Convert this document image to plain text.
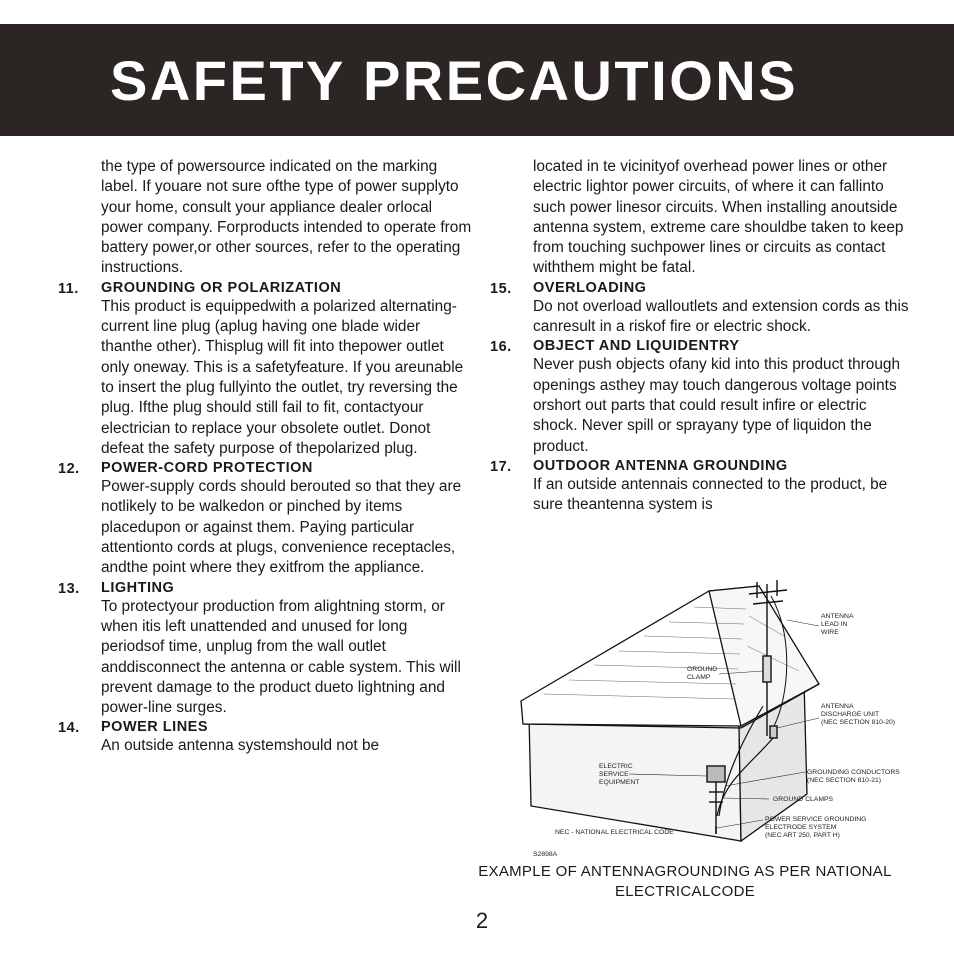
SAFETY PRECAUTIONS

the type of powersource indicated on the marking label. If youare not sure ofthe type of power supplyto your home, consult your appliance dealer orlocal power company. Forproducts intended to operate from battery power,or other sources, refer to the operating instructions.

11.	GROUNDING OR POLARIZATION
This product is equippedwith a polarized alternating-current line plug (aplug having one blade wider thanthe other). Thisplug will fit into thepower outlet only oneway. This is a safetyfeature. If you areunable to insert the plug fullyinto the outlet, try reversing the plug. Ifthe plug should still fail to fit, contactyour electrician to replace your obsolete outlet. Donot defeat the safety purpose of thepolarized plug.
12.	POWER-CORD PROTECTION
Power-supply cords should berouted so that they are notlikely to be walkedon or pinched by items placedupon or against them. Paying particular attentionto cords at plugs, convenience receptacles, andthe point where they exitfrom the appliance.
13.	LIGHTING
To protectyour production from alightning storm, or when itis left unattended and unused for long periodsof time, unplug from the wall outlet anddisconnect the antenna or cable system. This will prevent damage to the product dueto lightning and power-line surges.
14.	POWER LINES
An outside antenna systemshould not be

located in te vicinityof overhead power lines or other electric lightor power circuits, of where it can fallinto such power linesor circuits. When installing anoutside antenna system, extreme care shouldbe taken to keep from touching suchpower lines or circuits as contact withthem might be fatal.

15.	OVERLOADING
Do not overload walloutlets and extension cords as this canresult in a riskof fire or electric shock.
16.	OBJECT AND LIQUIDENTRY
Never push objects ofany kid into this product through openings asthey may touch dangerous voltage points orshort out parts that could result infire or electric shock. Never spill or sprayany type of liquidon the product.
17.	OUTDOOR ANTENNA GROUNDING
If an outside antennais connected to the product, be sure theantenna system is
ANTENNA
LEAD IN
WIRE
GROUND
CLAMP
ANTENNA
DISCHARGE UNIT
(NEC SECTION 810-20)
ELECTRIC
SERVICE
EQUIPMENT
GROUNDING CONDUCTORS
(NEC SECTION 810-21)
GROUND CLAMPS
POWER SERVICE GROUNDING
ELECTRODE SYSTEM
(NEC ART 250, PART H)
NEC - NATIONAL ELECTRICAL CODE
S2898A
EXAMPLE OF ANTENNAGROUNDING AS PER NATIONAL ELECTRICALCODE
2
